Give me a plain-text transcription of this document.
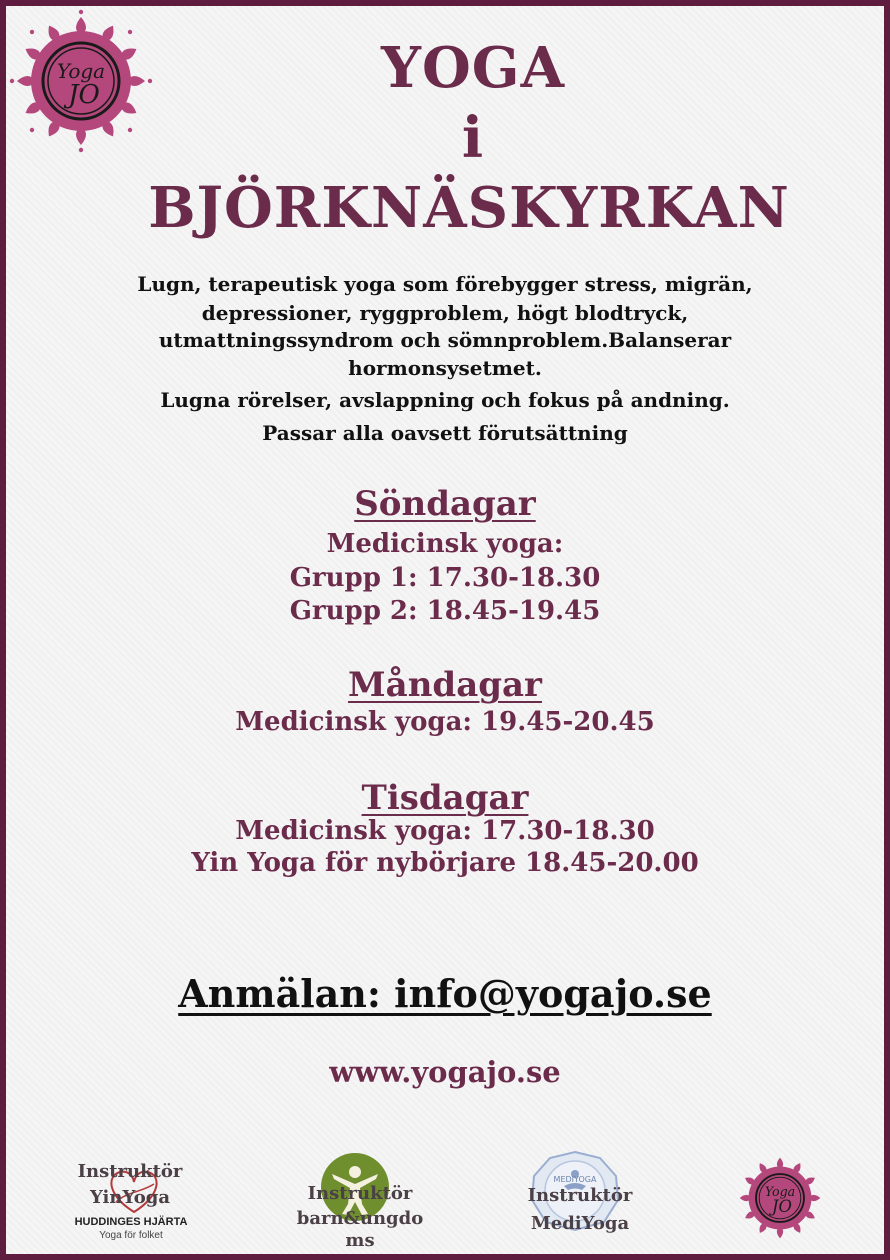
Yoga
JO	YOGA

i

BJÖRKNÄSKYRKAN

Lugn, terapeutisk yoga som förebygger stress, migrän,

depressioner, ryggproblem, högt blodtryck,

utmattningssyndrom och sömnproblem.Balanserar

hormonsysetmet.

Lugna rörelser, avslappning och fokus på andning.

Passar alla oavsett förutsättning

Söndagar

Medicinsk yoga:

Grupp 1: 17.30-18.30

Grupp 2: 18.45-19.45

Måndagar

Medicinsk yoga: 19.45-20.45

Tisdagar

Medicinsk yoga: 17.30-18.30

Yin Yoga för nybörjare 18.45-20.00

Anmälan: info@yogajo.se

www.yogajo.se

Instruktör
YinYoga
HUDDINGES HJÄRTA
Yoga för folket
Instruktör
barn&ungdo
ms
MEDIYOGA
Instruktör
MediYoga
Yoga
JO
